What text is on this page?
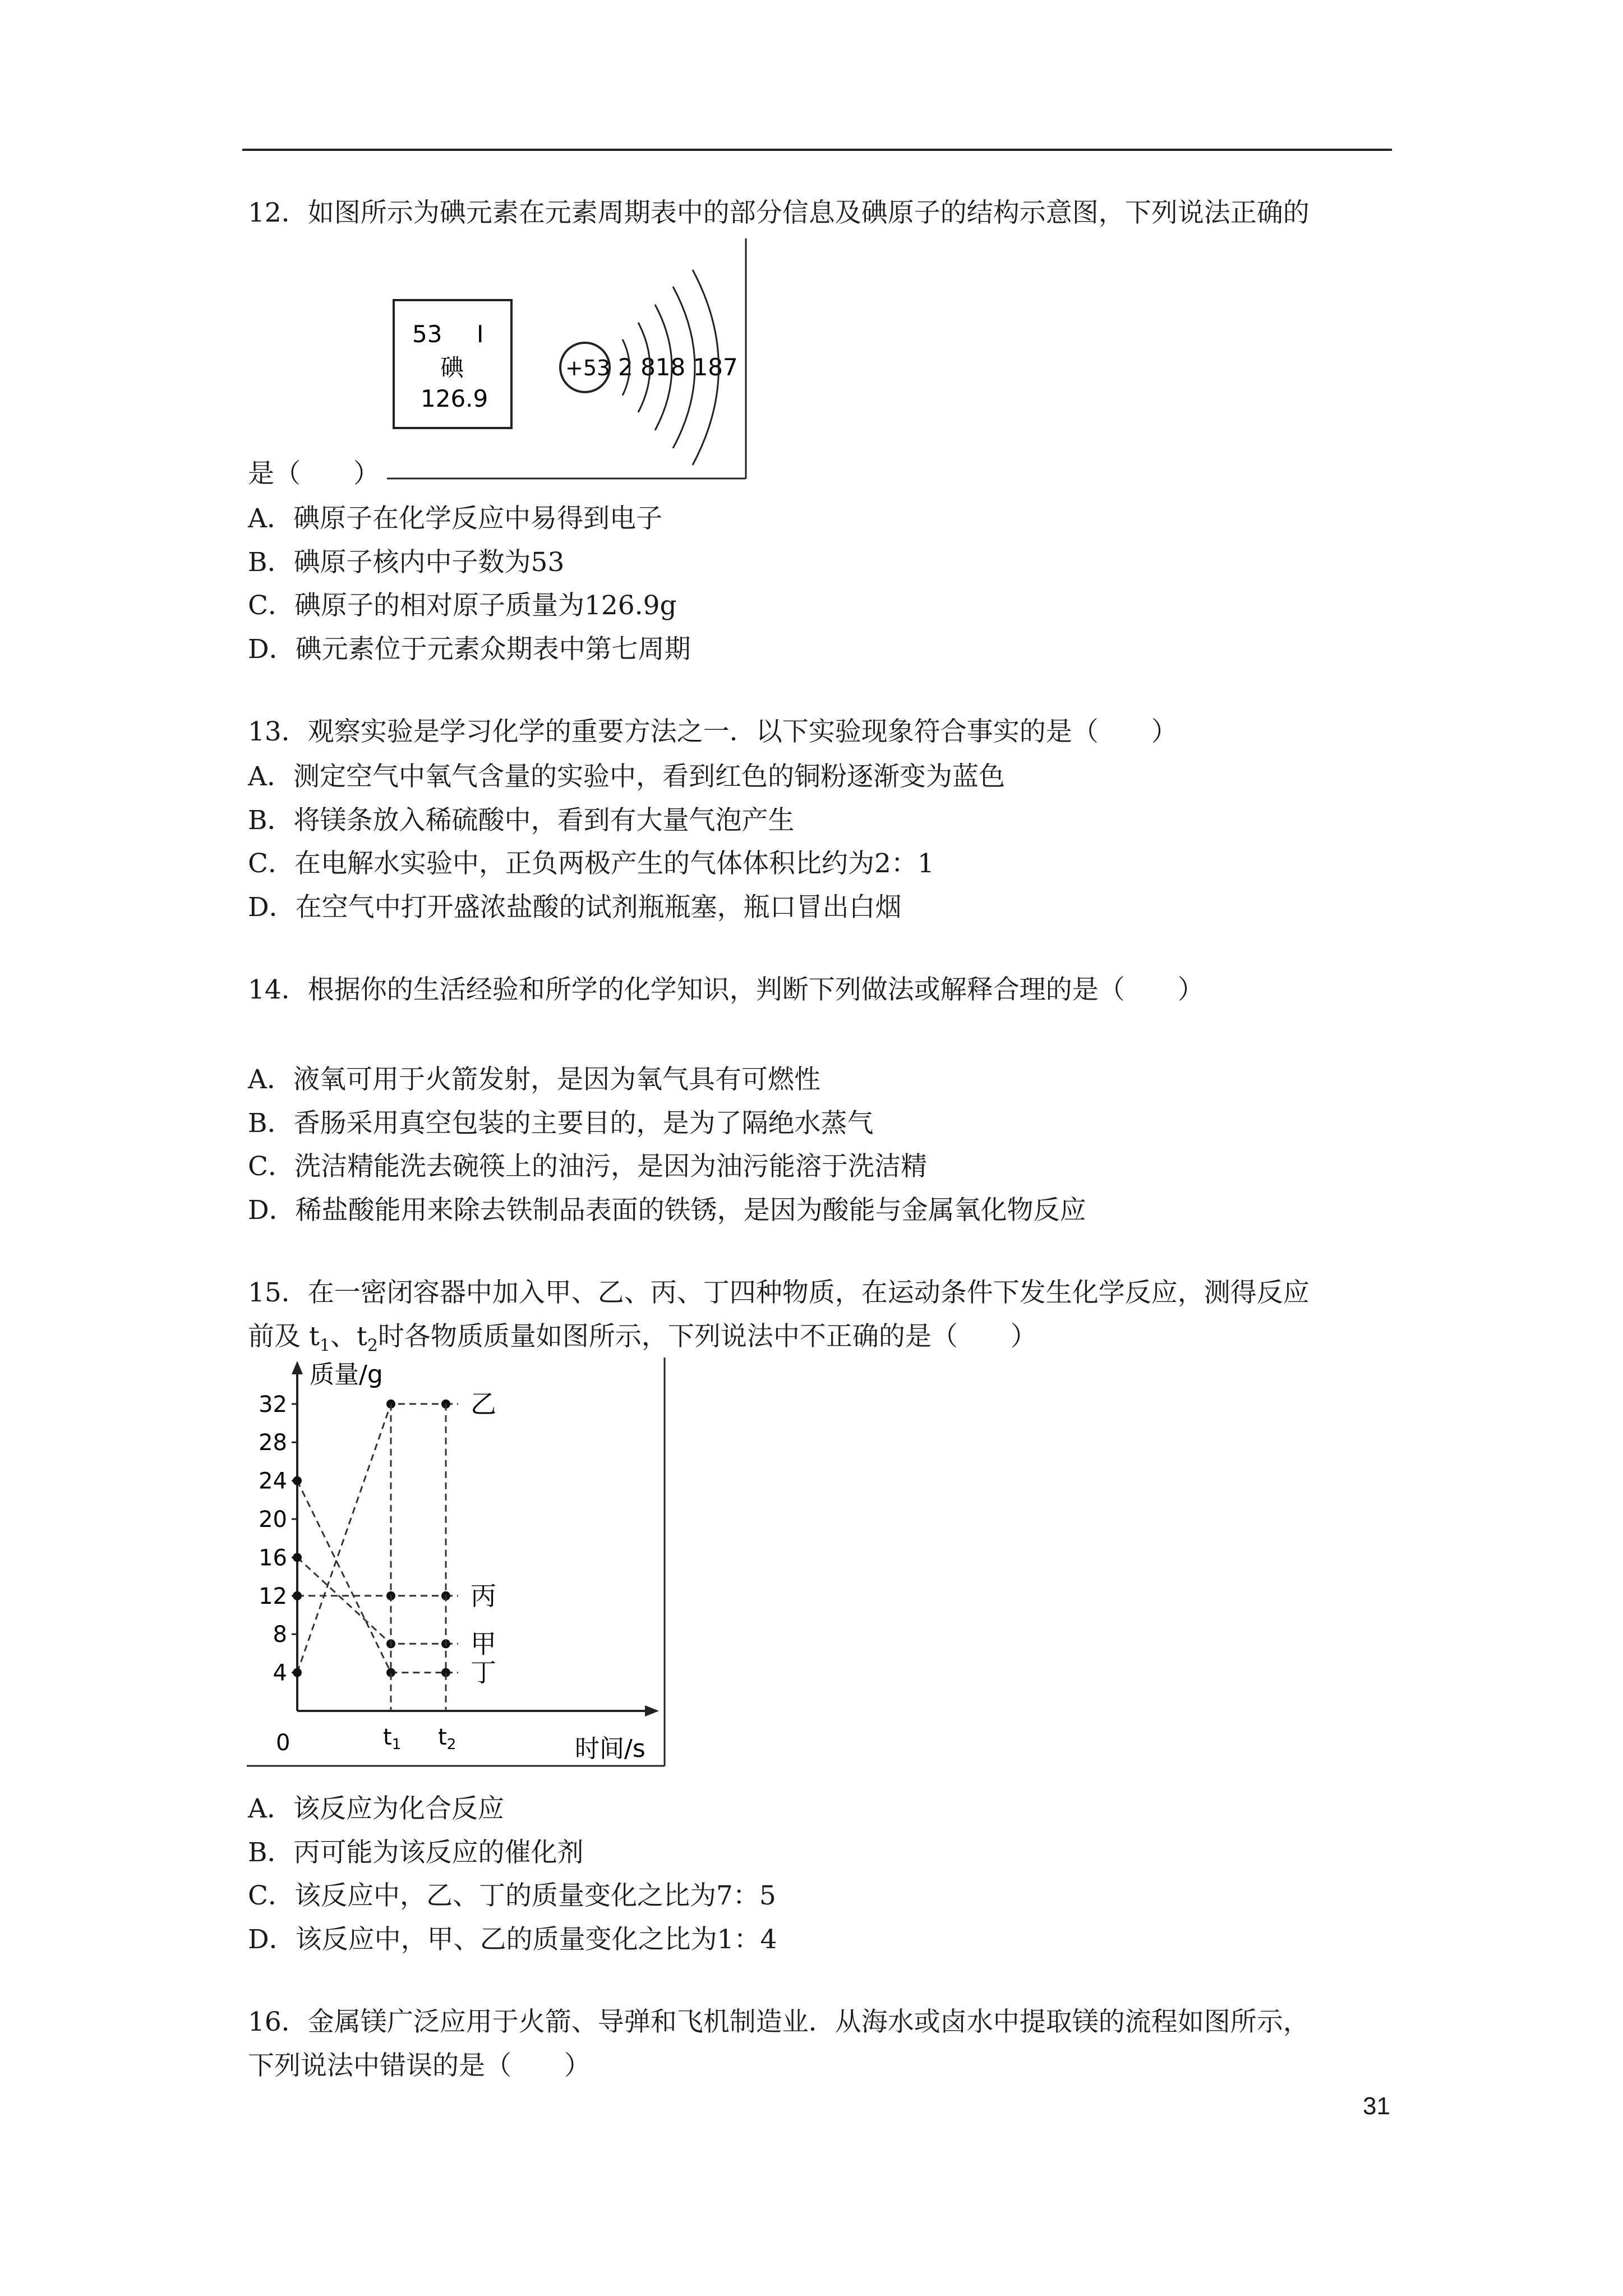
12．如图所示为碘元素在元素周期表中的部分信息及碘原子的结构示意图，下列说法正确的
53 I
碘
126.9
+53 2 818 187
是（　　）
A．碘原子在化学反应中易得到电子
B．碘原子核内中子数为53
C．碘原子的相对原子质量为126.9g
D．碘元素位于元素众期表中第七周期
13．观察实验是学习化学的重要方法之一．以下实验现象符合事实的是（　　）
A．测定空气中氧气含量的实验中，看到红色的铜粉逐渐变为蓝色
B．将镁条放入稀硫酸中，看到有大量气泡产生
C．在电解水实验中，正负两极产生的气体体积比约为2：1
D．在空气中打开盛浓盐酸的试剂瓶瓶塞，瓶口冒出白烟
14．根据你的生活经验和所学的化学知识，判断下列做法或解释合理的是（　　）
A．液氧可用于火箭发射，是因为氧气具有可燃性
B．香肠采用真空包装的主要目的，是为了隔绝水蒸气
C．洗洁精能洗去碗筷上的油污，是因为油污能溶于洗洁精
D．稀盐酸能用来除去铁制品表面的铁锈，是因为酸能与金属氧化物反应
15．在一密闭容器中加入甲、乙、丙、丁四种物质，在运动条件下发生化学反应，测得反应
前及 $t_1$、$t_2$时各物质质量如图所示，下列说法中不正确的是（　　）
质量/g
时间/s
0
4
8
12
16
20
24
28
32
$t_1$ $t_2$
乙
丙
甲
丁
A．该反应为化合反应
B．丙可能为该反应的催化剂
C．该反应中，乙、丁的质量变化之比为7：5
D．该反应中，甲、乙的质量变化之比为1：4
16．金属镁广泛应用于火箭、导弹和飞机制造业．从海水或卤水中提取镁的流程如图所示，
下列说法中错误的是（　　）
31
